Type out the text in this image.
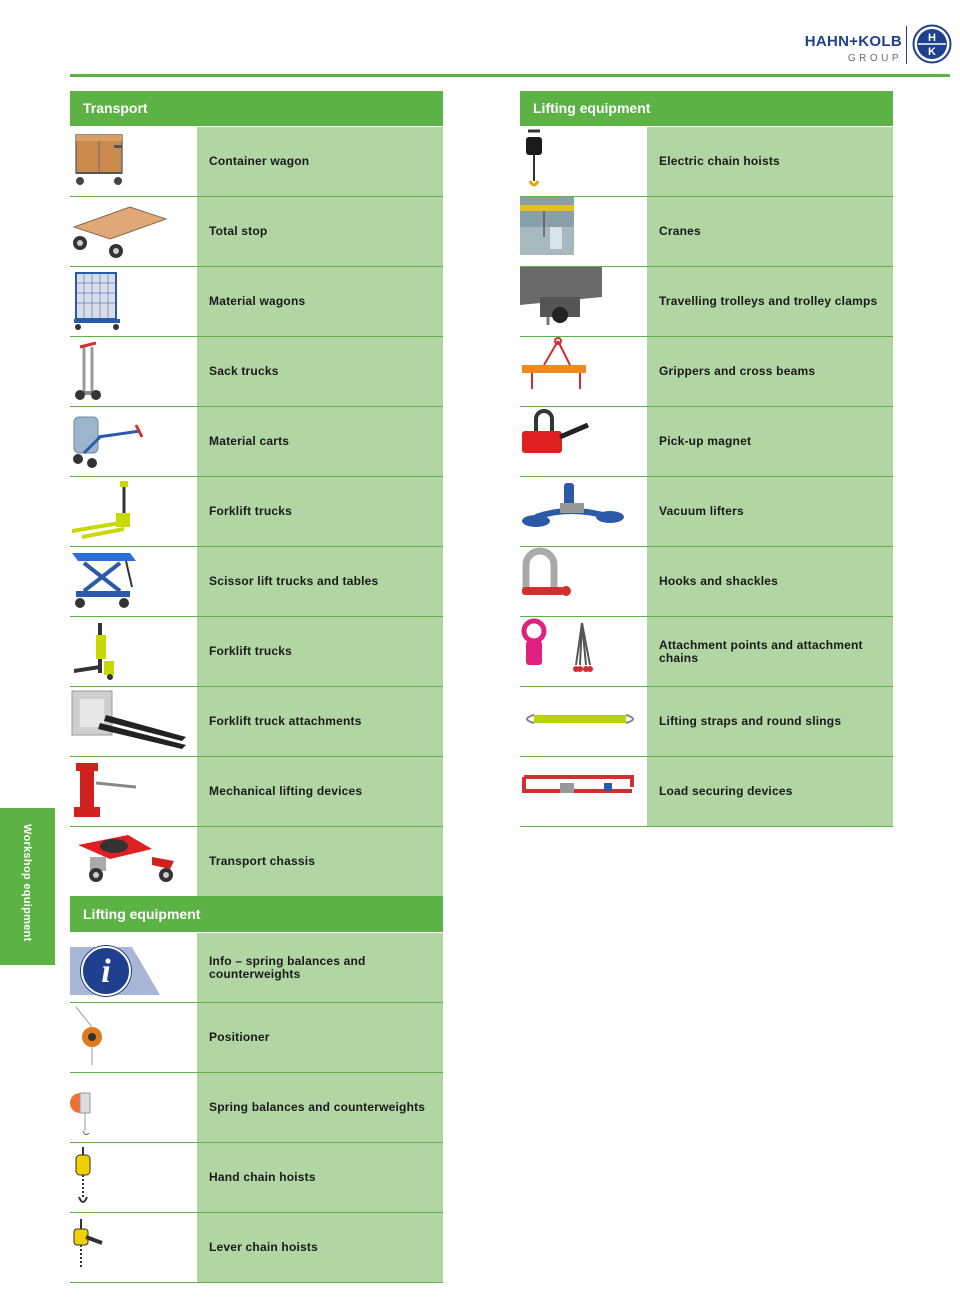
HAHN+KOLB
GROUP
H
K
Transport
Container wagon
Total stop
Material wagons
Sack trucks
Material carts
Forklift trucks
Scissor lift trucks and tables
Forklift trucks
Forklift truck attachments
Mechanical lifting devices
Transport chassis
Lifting equipment
i	Info – spring balances and counterweights
Positioner
Spring balances and counterweights
Hand chain hoists
Lever chain hoists
Lifting equipment
Electric chain hoists
Cranes
Travelling trolleys and trolley clamps
Grippers and cross beams
Pick-up magnet
Vacuum lifters
Hooks and shackles
Attachment points and attachment chains
Lifting straps and round slings
Load securing devices
Workshop equipment
